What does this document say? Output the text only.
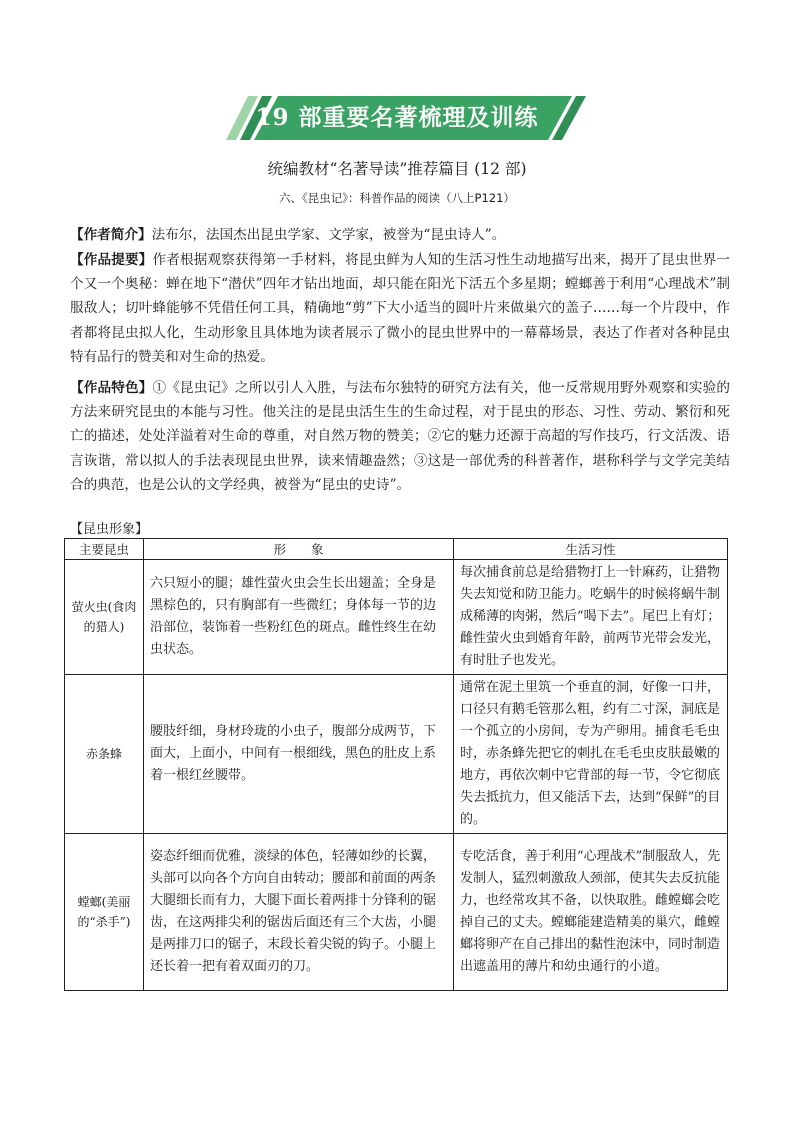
19 部重要名著梳理及训练
统编教材“名著导读”推荐篇目 (12 部)
六、《昆虫记》：科普作品的阅读（八上P121）
【作者简介】法布尔，法国杰出昆虫学家、文学家，被誉为“昆虫诗人”。
【作品提要】作者根据观察获得第一手材料，将昆虫鲜为人知的生活习性生动地描写出来，揭开了昆虫世界一个又一个奥秘：蝉在地下“潜伏”四年才钻出地面，却只能在阳光下活五个多星期；螳螂善于利用“心理战术”制服敌人；切叶蜂能够不凭借任何工具，精确地“剪”下大小适当的圆叶片来做巢穴的盖子……每一个片段中，作者都将昆虫拟人化，生动形象且具体地为读者展示了微小的昆虫世界中的一幕幕场景，表达了作者对各种昆虫特有品行的赞美和对生命的热爱。
【作品特色】①《昆虫记》之所以引人入胜，与法布尔独特的研究方法有关，他一反常规用野外观察和实验的方法来研究昆虫的本能与习性。他关注的是昆虫活生生的生命过程，对于昆虫的形态、习性、劳动、繁衍和死亡的描述，处处洋溢着对生命的尊重，对自然万物的赞美；②它的魅力还源于高超的写作技巧，行文活泼、语言诙谐，常以拟人的手法表现昆虫世界，读来情趣盎然；③这是一部优秀的科普著作，堪称科学与文学完美结合的典范，也是公认的文学经典，被誉为“昆虫的史诗”。
【昆虫形象】
主要昆虫	形　　象	生活习性
萤火虫(食肉的猎人)	六只短小的腿；雄性萤火虫会生长出翅盖；全身是黑棕色的，只有胸部有一些微红；身体每一节的边沿部位，装饰着一些粉红色的斑点。雌性终生在幼虫状态。	每次捕食前总是给猎物打上一针麻药，让猎物失去知觉和防卫能力。吃蜗牛的时候将蜗牛制成稀薄的肉粥，然后“喝下去”。尾巴上有灯；雌性萤火虫到婚育年龄，前两节光带会发光，有时肚子也发光。
赤条蜂	腰肢纤细，身材玲珑的小虫子，腹部分成两节，下面大，上面小，中间有一根细线，黑色的肚皮上系着一根红丝腰带。	通常在泥土里筑一个垂直的洞，好像一口井，口径只有鹅毛管那么粗，约有二寸深，洞底是一个孤立的小房间，专为产卵用。捕食毛毛虫时，赤条蜂先把它的刺扎在毛毛虫皮肤最嫩的地方，再依次刺中它背部的每一节，令它彻底失去抵抗力，但又能活下去，达到“保鲜”的目的。
螳螂(美丽的“杀手”)	姿态纤细而优雅，淡绿的体色，轻薄如纱的长翼，头部可以向各个方向自由转动；腰部和前面的两条大腿细长而有力，大腿下面长着两排十分锋利的锯齿，在这两排尖利的锯齿后面还有三个大齿，小腿是两排刀口的锯子，末段长着尖锐的钩子。小腿上还长着一把有着双面刃的刀。	专吃活食，善于利用“心理战术”制服敌人，先发制人，猛烈刺激敌人颈部，使其失去反抗能力，也经常攻其不备，以快取胜。雌螳螂会吃掉自己的丈夫。螳螂能建造精美的巢穴，雌螳螂将卵产在自己排出的黏性泡沫中，同时制造出遮盖用的薄片和幼虫通行的小道。
